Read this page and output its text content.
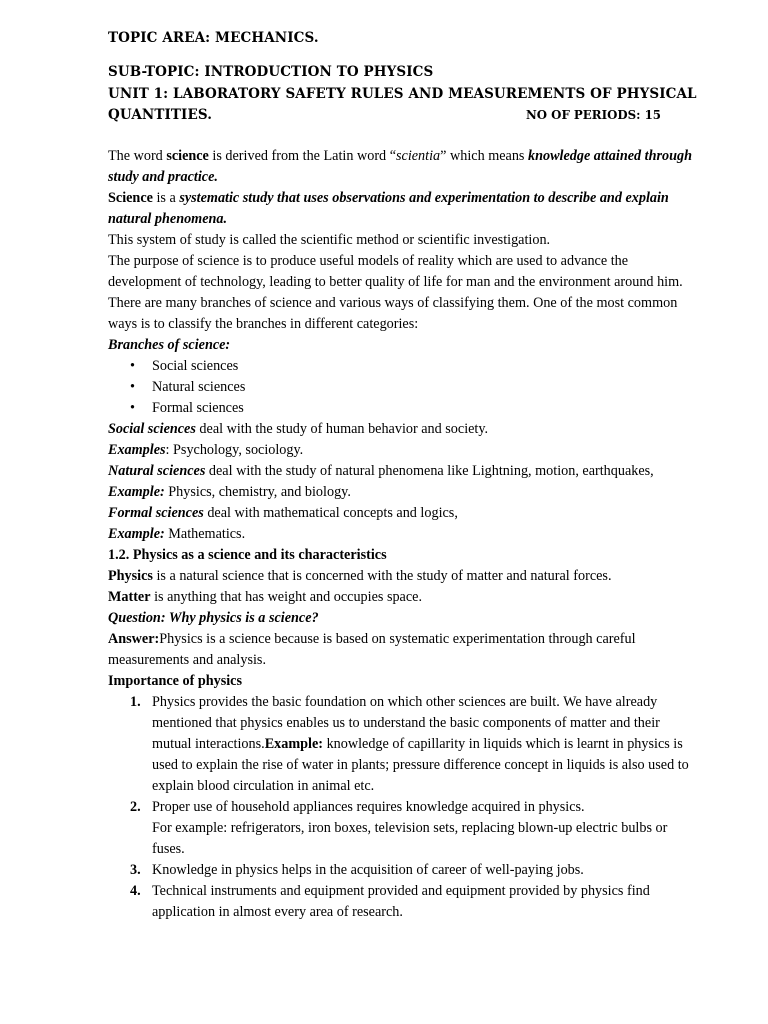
TOPIC AREA: MECHANICS.
SUB-TOPIC: INTRODUCTION TO PHYSICS
UNIT 1: LABORATORY SAFETY RULES AND MEASUREMENTS OF PHYSICAL
QUANTITIES.	NO OF PERIODS: 15

The word science is derived from the Latin word “scientia” which means knowledge attained through study and practice.

Science is a systematic study that uses observations and experimentation to describe and explain natural phenomena.

This system of study is called the scientific method or scientific investigation.

The purpose of science is to produce useful models of reality which are used to advance the development of technology, leading to better quality of life for man and the environment around him.

There are many branches of science and various ways of classifying them. One of the most common ways is to classify the branches in different categories:

Branches of science:

• Social sciences
• Natural sciences
• Formal sciences

Social sciences deal with the study of human behavior and society.

Examples: Psychology, sociology.

Natural sciences deal with the study of natural phenomena like Lightning, motion, earthquakes,

Example: Physics, chemistry, and biology.

Formal sciences deal with mathematical concepts and logics,

Example: Mathematics.

1.2. Physics as a science and its characteristics

Physics is a natural science that is concerned with the study of matter and natural forces.

Matter is anything that has weight and occupies space.

Question: Why physics is a science?

Answer:Physics is a science because is based on systematic experimentation through careful measurements and analysis.

Importance of physics

1. Physics provides the basic foundation on which other sciences are built. We have already mentioned that physics enables us to understand the basic components of matter and their mutual interactions.Example: knowledge of capillarity in liquids which is learnt in physics is used to explain the rise of water in plants; pressure difference concept in liquids is also used to explain blood circulation in animal etc.
2. Proper use of household appliances requires knowledge acquired in physics.
For example: refrigerators, iron boxes, television sets, replacing blown-up electric bulbs or fuses.
3. Knowledge in physics helps in the acquisition of career of well-paying jobs.
4. Technical instruments and equipment provided and equipment provided by physics find application in almost every area of research.
